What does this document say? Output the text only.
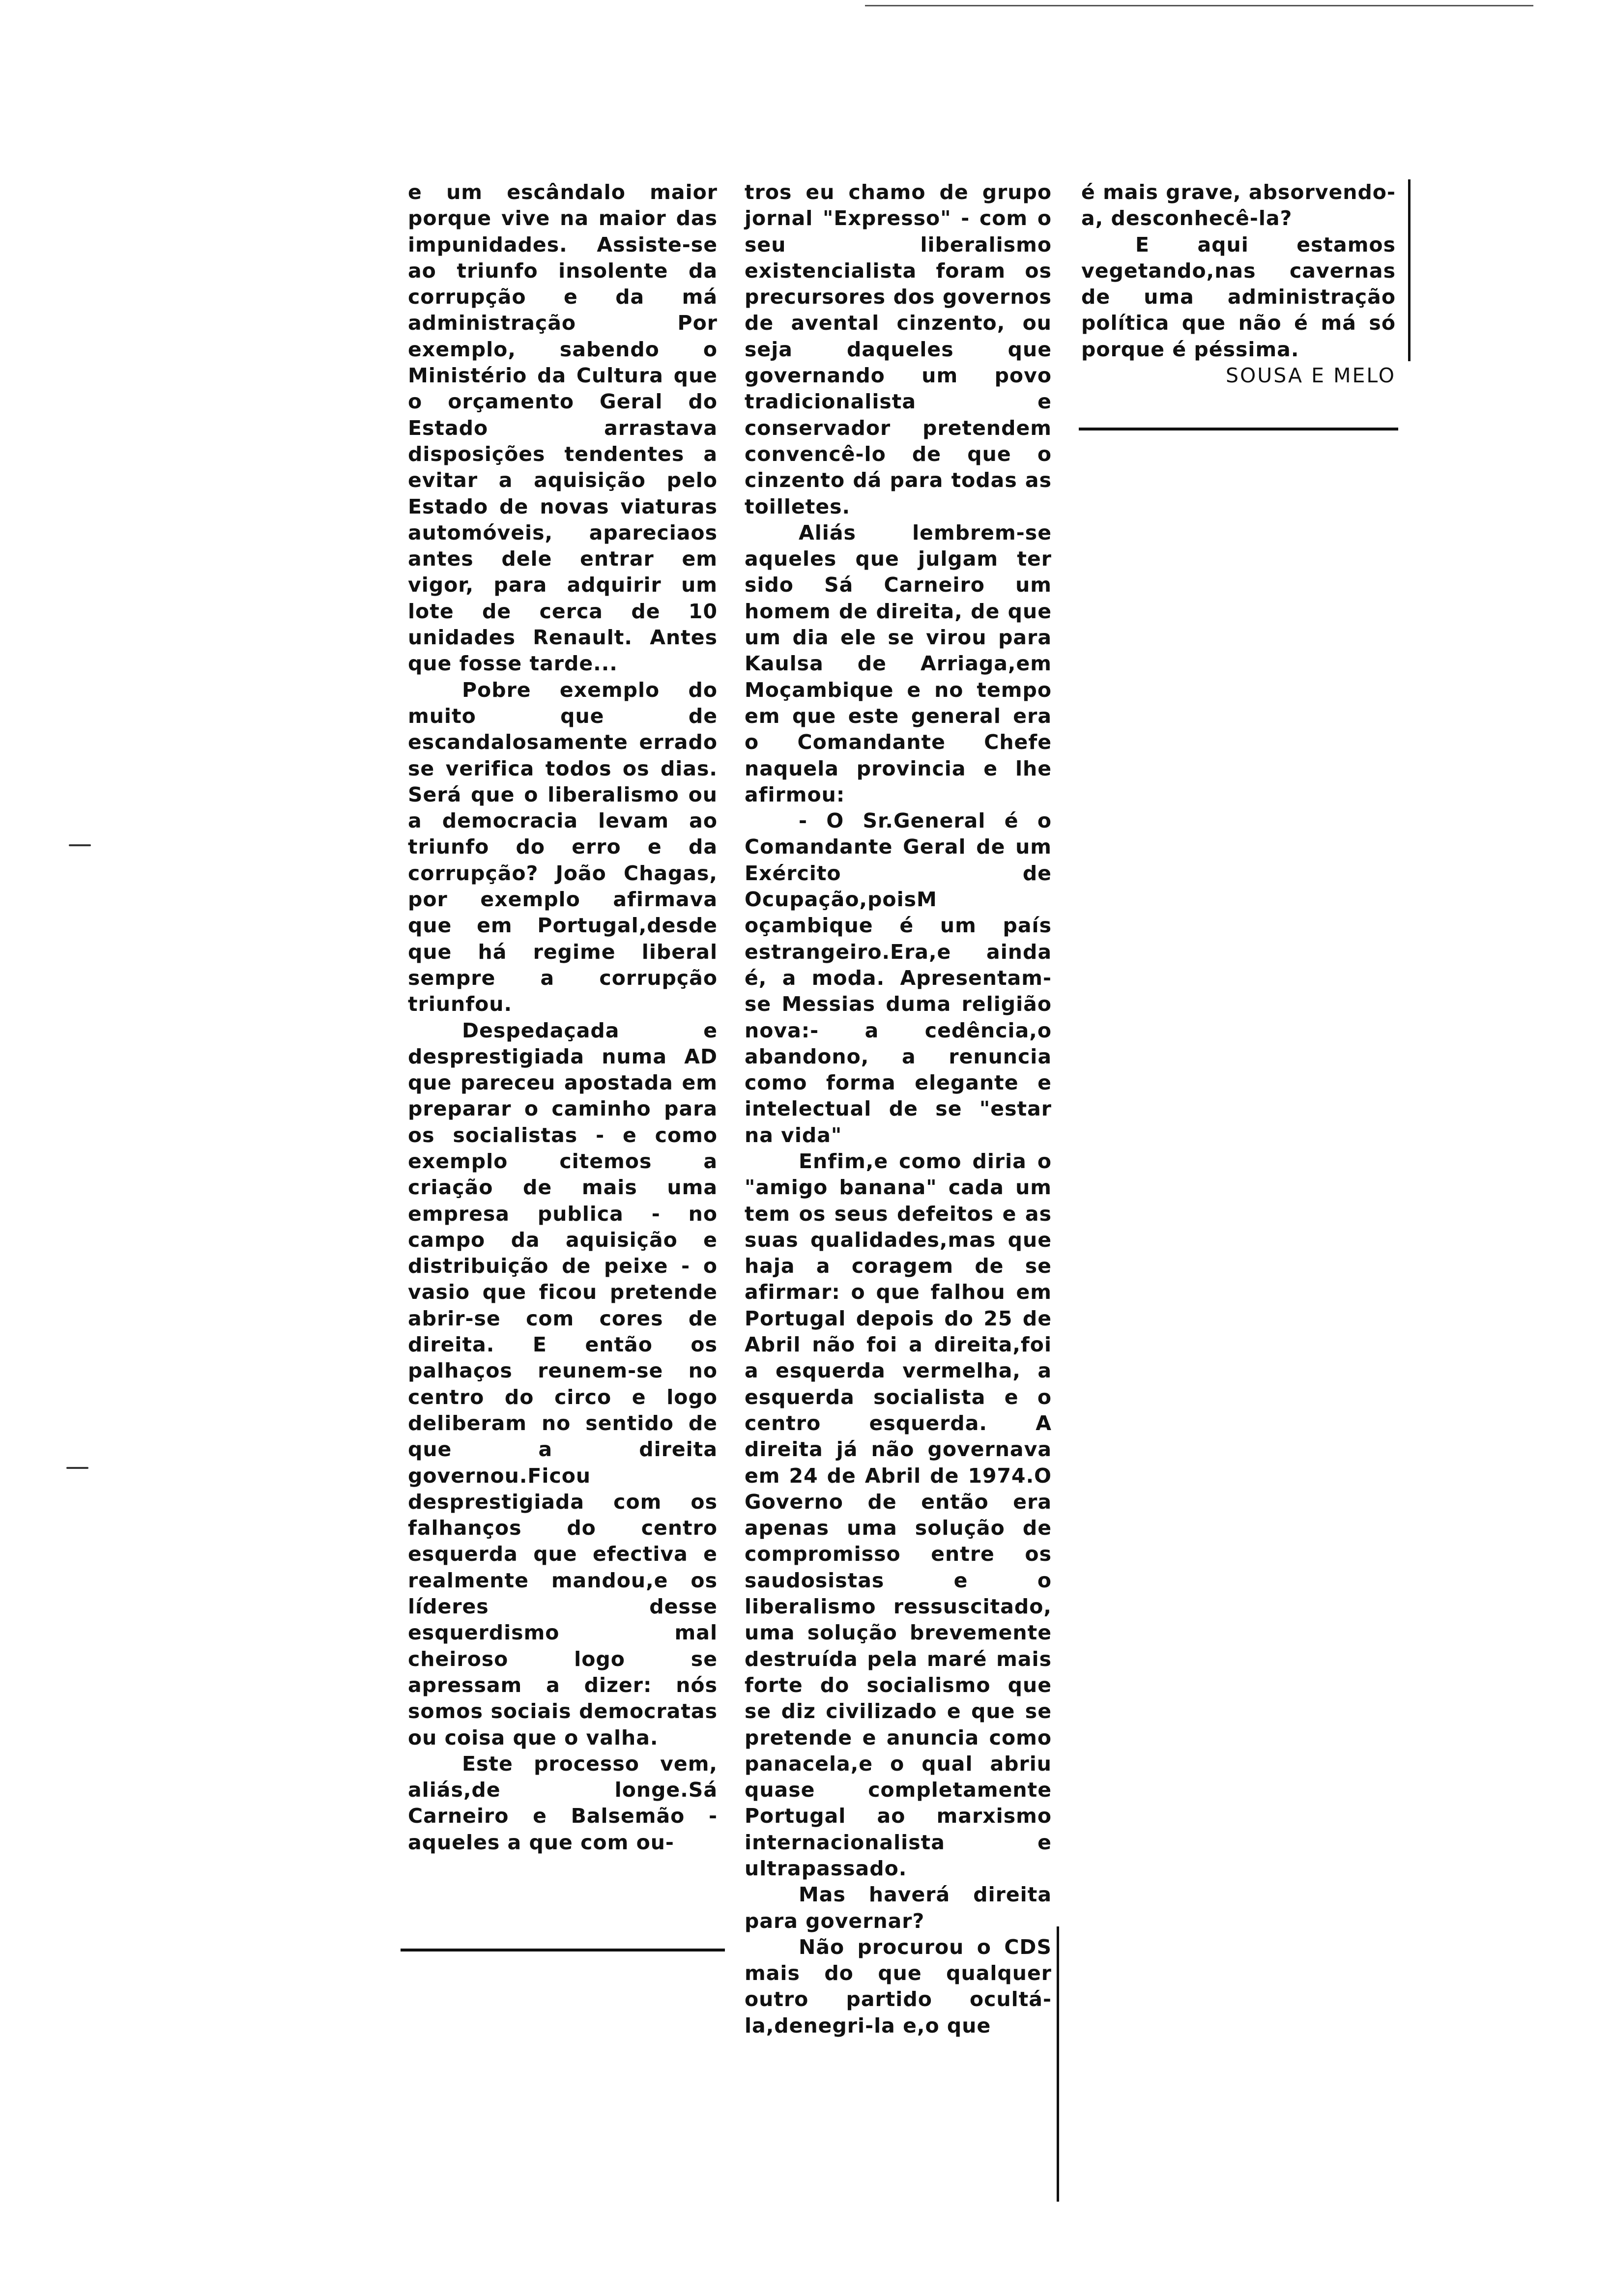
e um escândalo maior porque vive na maior das impunidades. Assiste-se ao triunfo insolente da corrupção e da má administração Por exemplo, sabendo o Ministério da Cultura que o orçamento Geral do Estado arrastava disposições tendentes a evitar a aquisição pelo Estado de novas viaturas automóveis, apareciaos antes dele entrar em vigor, para adquirir um lote de cerca de 10 unidades Renault. Antes que fosse tarde...

Pobre exemplo do muito que de escandalosamente errado se verifica todos os dias. Será que o liberalismo ou a democracia levam ao triunfo do erro e da corrupção? João Chagas, por exemplo afirmava que em Portugal,desde que há regime liberal sempre a corrupção triunfou.

Despedaçada e desprestigiada numa AD que pareceu apostada em preparar o caminho para os socialistas - e como exemplo citemos a criação de mais uma empresa publica - no campo da aquisição e distribuição de peixe - o vasio que ficou pretende abrir-se com cores de direita. E então os palhaços reunem-se no centro do circo e logo deliberam no sentido de que a direita governou.Ficou desprestigiada com os falhanços do centro esquerda que efectiva e realmente mandou,e os líderes desse esquerdismo mal cheiroso logo se apressam a dizer: nós somos sociais democratas ou coisa que o valha.

Este processo vem, aliás,de longe.Sá Carneiro e Balsemão - aqueles a que com ou-

tros eu chamo de grupo jornal "Expresso" - com o seu liberalismo existencialista foram os precursores dos governos de avental cinzento, ou seja daqueles que governando um povo tradicionalista e conservador pretendem convencê-lo de que o cinzento dá para todas as toilletes.

Aliás lembrem-se aqueles que julgam ter sido Sá Carneiro um homem de direita, de que um dia ele se virou para Kaulsa de Arriaga,em Moçambique e no tempo em que este general era o Comandante Chefe naquela provincia e lhe afirmou:

- O Sr.General é o Comandante Geral de um Exército de Ocupação,poisM oçambique é um país estrangeiro.Era,e ainda é, a moda. Apresentam-se Messias duma religião nova:- a cedência,o abandono, a renuncia como forma elegante e intelectual de se "estar na vida"

Enfim,e como diria o "amigo banana" cada um tem os seus defeitos e as suas qualidades,mas que haja a coragem de se afirmar: o que falhou em Portugal depois do 25 de Abril não foi a direita,foi a esquerda vermelha, a esquerda socialista e o centro esquerda. A direita já não governava em 24 de Abril de 1974.O Governo de então era apenas uma solução de compromisso entre os saudosistas e o liberalismo ressuscitado, uma solução brevemente destruída pela maré mais forte do socialismo que se diz civilizado e que se pretende e anuncia como panacela,e o qual abriu quase completamente Portugal ao marxismo internacionalista e ultrapassado.

Mas haverá direita para governar?

Não procurou o CDS mais do que qualquer outro partido ocultá-la,denegri-la e,o que

é mais grave, absorvendo-a, desconhecê-la?

E aqui estamos vegetando,nas cavernas de uma administração política que não é má só porque é péssima.

SOUSA E MELO
